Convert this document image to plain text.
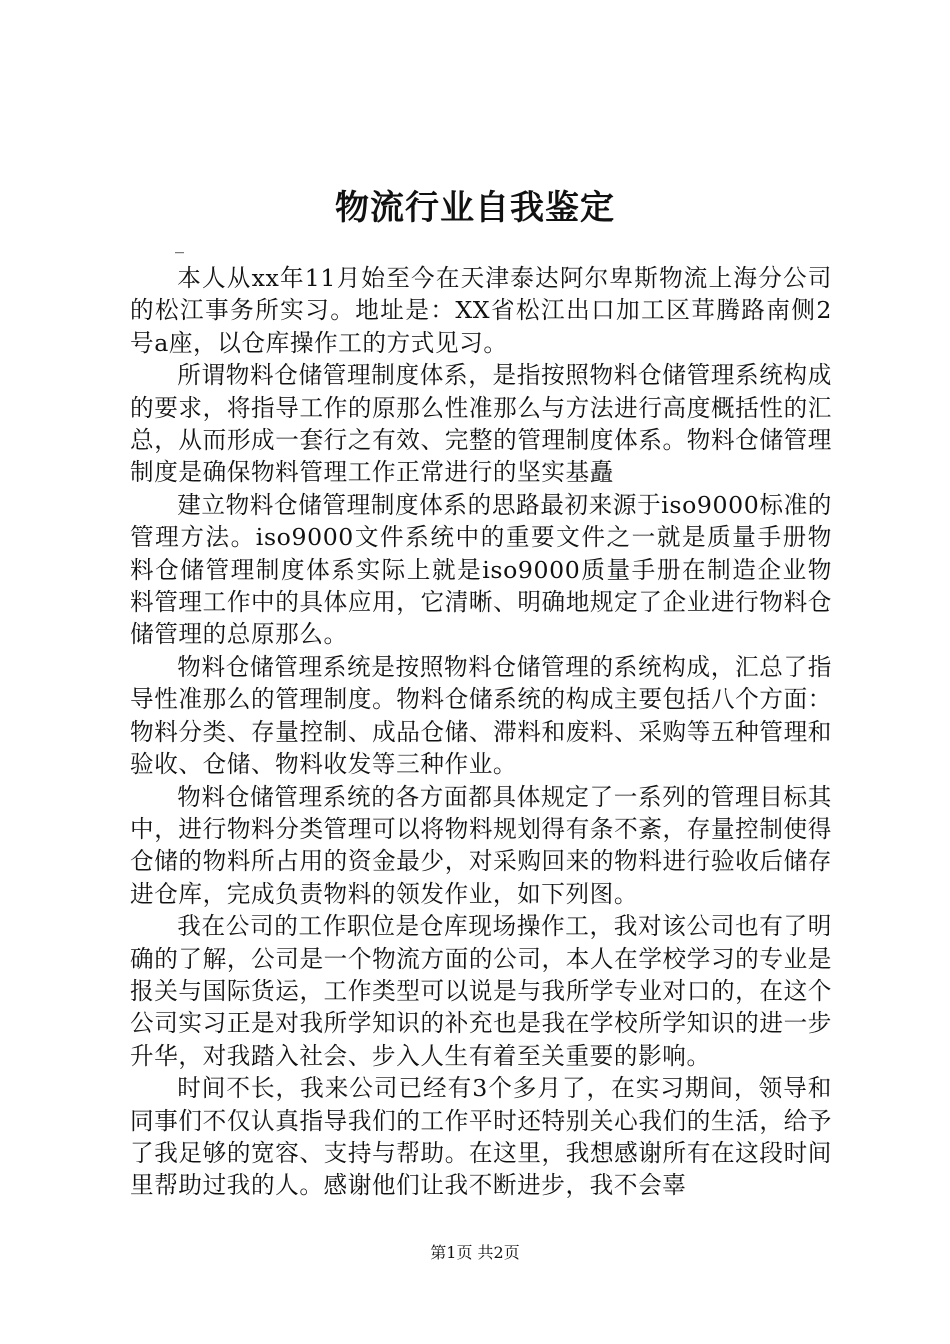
物流行业自我鉴定
_

本人从xx年11月始至今在天津泰达阿尔卑斯物流上海分公司的松江事务所实习。地址是：XX省松江出口加工区茸腾路南侧2号a座，以仓库操作工的方式见习。

所谓物料仓储管理制度体系，是指按照物料仓储管理系统构成的要求，将指导工作的原那么性准那么与方法进行高度概括性的汇总，从而形成一套行之有效、完整的管理制度体系。物料仓储管理制度是确保物料管理工作正常进行的坚实基矗

建立物料仓储管理制度体系的思路最初来源于iso9000标准的管理方法。iso9000文件系统中的重要文件之一就是质量手册物料仓储管理制度体系实际上就是iso9000质量手册在制造企业物料管理工作中的具体应用，它清晰、明确地规定了企业进行物料仓储管理的总原那么。

物料仓储管理系统是按照物料仓储管理的系统构成，汇总了指导性准那么的管理制度。物料仓储系统的构成主要包括八个方面：物料分类、存量控制、成品仓储、滞料和废料、采购等五种管理和验收、仓储、物料收发等三种作业。

物料仓储管理系统的各方面都具体规定了一系列的管理目标其中，进行物料分类管理可以将物料规划得有条不紊，存量控制使得仓储的物料所占用的资金最少，对采购回来的物料进行验收后储存进仓库，完成负责物料的领发作业，如下列图。

我在公司的工作职位是仓库现场操作工，我对该公司也有了明确的了解，公司是一个物流方面的公司，本人在学校学习的专业是报关与国际货运，工作类型可以说是与我所学专业对口的，在这个公司实习正是对我所学知识的补充也是我在学校所学知识的进一步升华，对我踏入社会、步入人生有着至关重要的影响。

时间不长，我来公司已经有3个多月了，在实习期间，领导和同事们不仅认真指导我们的工作平时还特别关心我们的生活，给予了我足够的宽容、支持与帮助。在这里，我想感谢所有在这段时间里帮助过我的人。感谢他们让我不断进步，我不会辜

第1页 共2页
